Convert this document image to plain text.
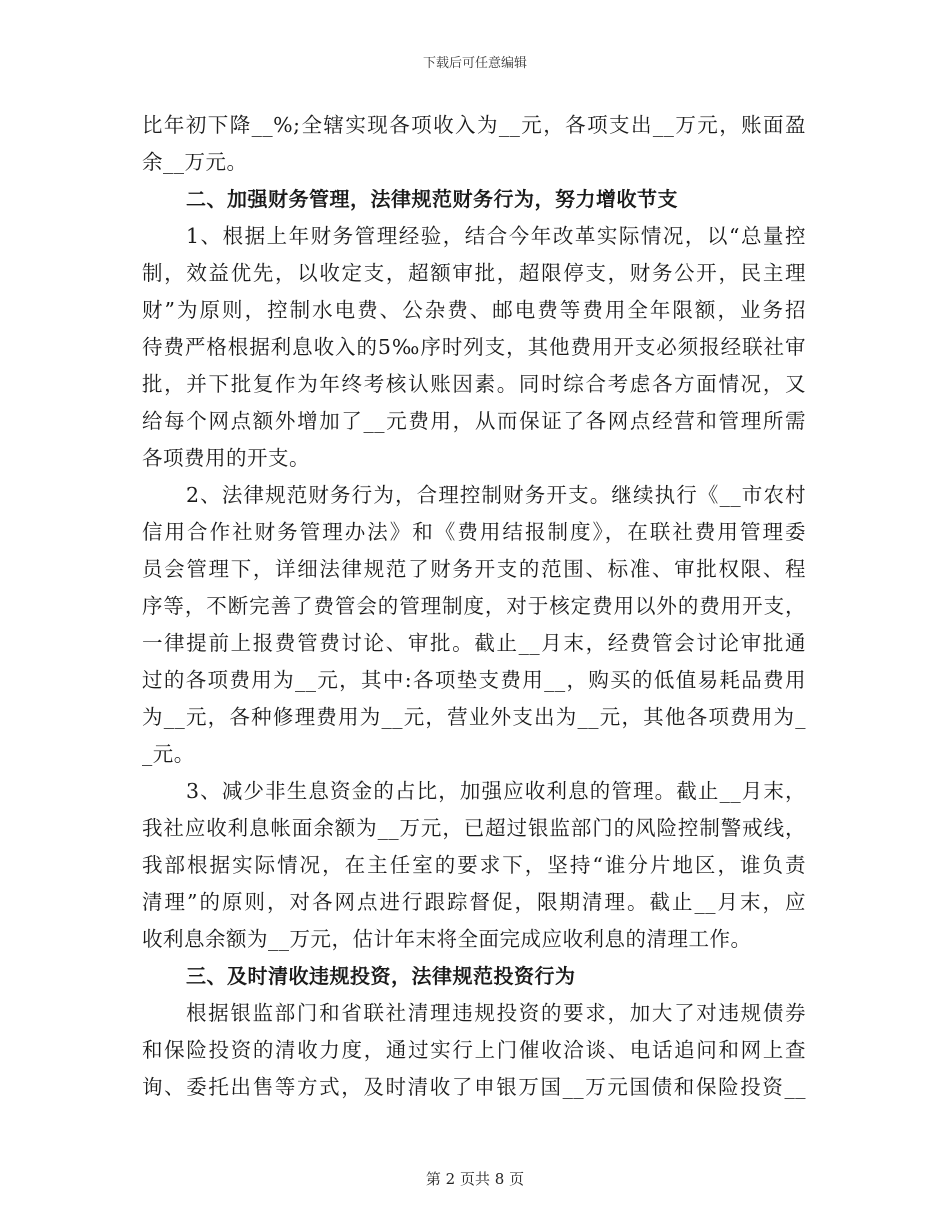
下载后可任意编辑
比年初下降__%;全辖实现各项收入为__元，各项支出__万元，账面盈
余__万元。
二、加强财务管理，法律规范财务行为，努力增收节支
1、根据上年财务管理经验，结合今年改革实际情况，以“总量控
制，效益优先，以收定支，超额审批，超限停支，财务公开，民主理
财”为原则，控制水电费、公杂费、邮电费等费用全年限额，业务招
待费严格根据利息收入的5‰序时列支，其他费用开支必须报经联社审
批，并下批复作为年终考核认账因素。同时综合考虑各方面情况，又
给每个网点额外增加了__元费用，从而保证了各网点经营和管理所需
各项费用的开支。
2、法律规范财务行为，合理控制财务开支。继续执行《__市农村
信用合作社财务管理办法》和《费用结报制度》，在联社费用管理委
员会管理下，详细法律规范了财务开支的范围、标准、审批权限、程
序等，不断完善了费管会的管理制度，对于核定费用以外的费用开支，
一律提前上报费管费讨论、审批。截止__月末，经费管会讨论审批通
过的各项费用为__元，其中:各项垫支费用__，购买的低值易耗品费用
为__元，各种修理费用为__元，营业外支出为__元，其他各项费用为_
_元。
3、减少非生息资金的占比，加强应收利息的管理。截止__月末，
我社应收利息帐面余额为__万元，已超过银监部门的风险控制警戒线，
我部根据实际情况，在主任室的要求下，坚持“谁分片地区，谁负责
清理”的原则，对各网点进行跟踪督促，限期清理。截止__月末，应
收利息余额为__万元，估计年末将全面完成应收利息的清理工作。
三、及时清收违规投资，法律规范投资行为
根据银监部门和省联社清理违规投资的要求，加大了对违规债券
和保险投资的清收力度，通过实行上门催收洽谈、电话追问和网上查
询、委托出售等方式，及时清收了申银万国__万元国债和保险投资__
第 2 页共 8 页
